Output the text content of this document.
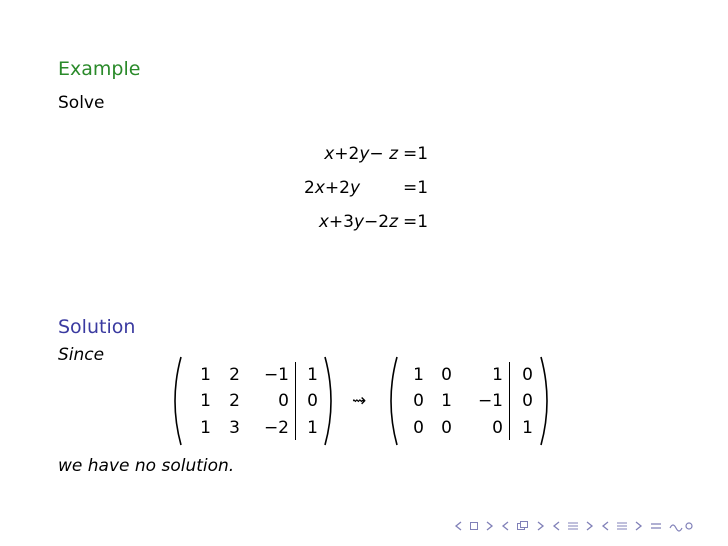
Example
Solve
x+2y− z =1
2x+2y	=1
x+3y−2z =1
Solution
Since
1	2 −1	1
1	2	0	0
1	3 −2	1
⇝
1	0	1	0
0	1 −1	0
0	0	0	1
we have no solution.
